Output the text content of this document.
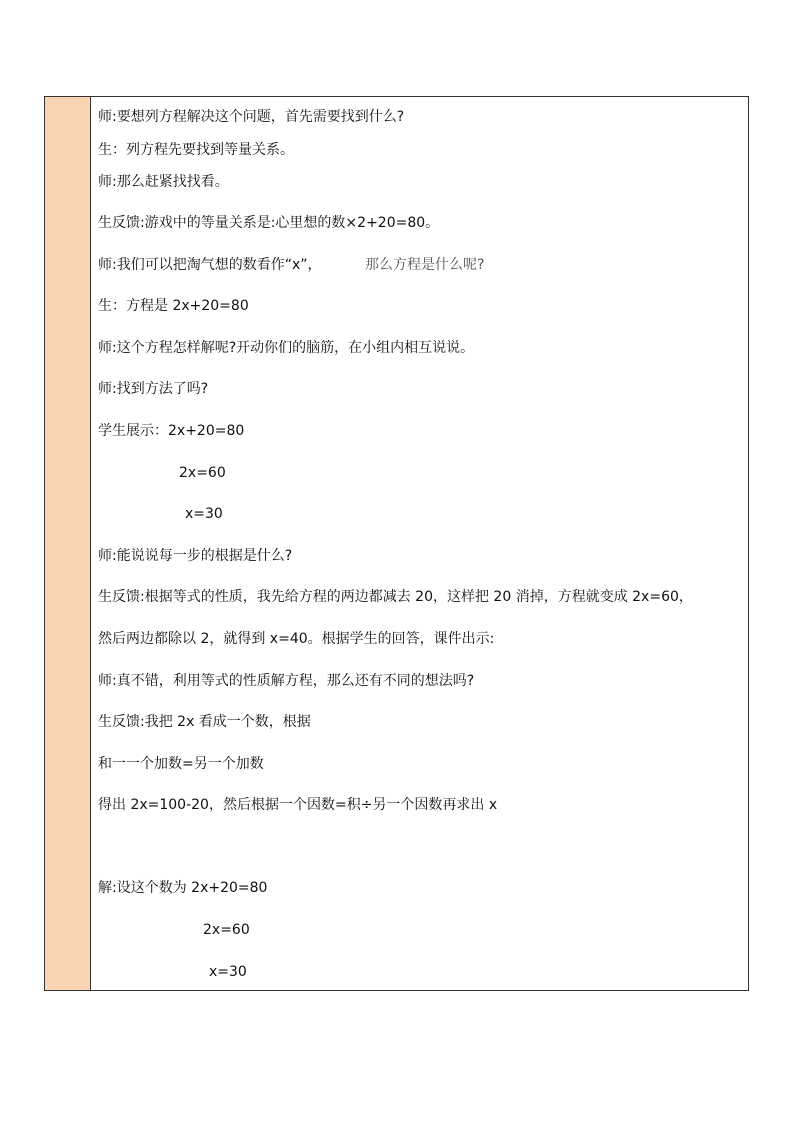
师:要想列方程解决这个问题，首先需要找到什么?
生：列方程先要找到等量关系。
师:那么赶紧找找看。
生反馈:游戏中的等量关系是:心里想的数×2+20=80。
师:我们可以把淘气想的数看作“x”，	那么方程是什么呢?
生：方程是 2x+20=80
师:这个方程怎样解呢?开动你们的脑筋，在小组内相互说说。
师:找到方法了吗?
学生展示：2x+20=80
2x=60
x=30
师:能说说每一步的根据是什么?
生反馈:根据等式的性质，我先给方程的两边都减去 20，这样把 20 消掉，方程就变成 2x=60，
然后两边都除以 2，就得到 x=40。根据学生的回答，课件出示:
师:真不错，利用等式的性质解方程，那么还有不同的想法吗?
生反馈:我把 2x 看成一个数，根据
和一一个加数=另一个加数
得出 2x=100-20，然后根据一个因数=积÷另一个因数再求出 x
解:设这个数为 2x+20=80
2x=60
x=30
